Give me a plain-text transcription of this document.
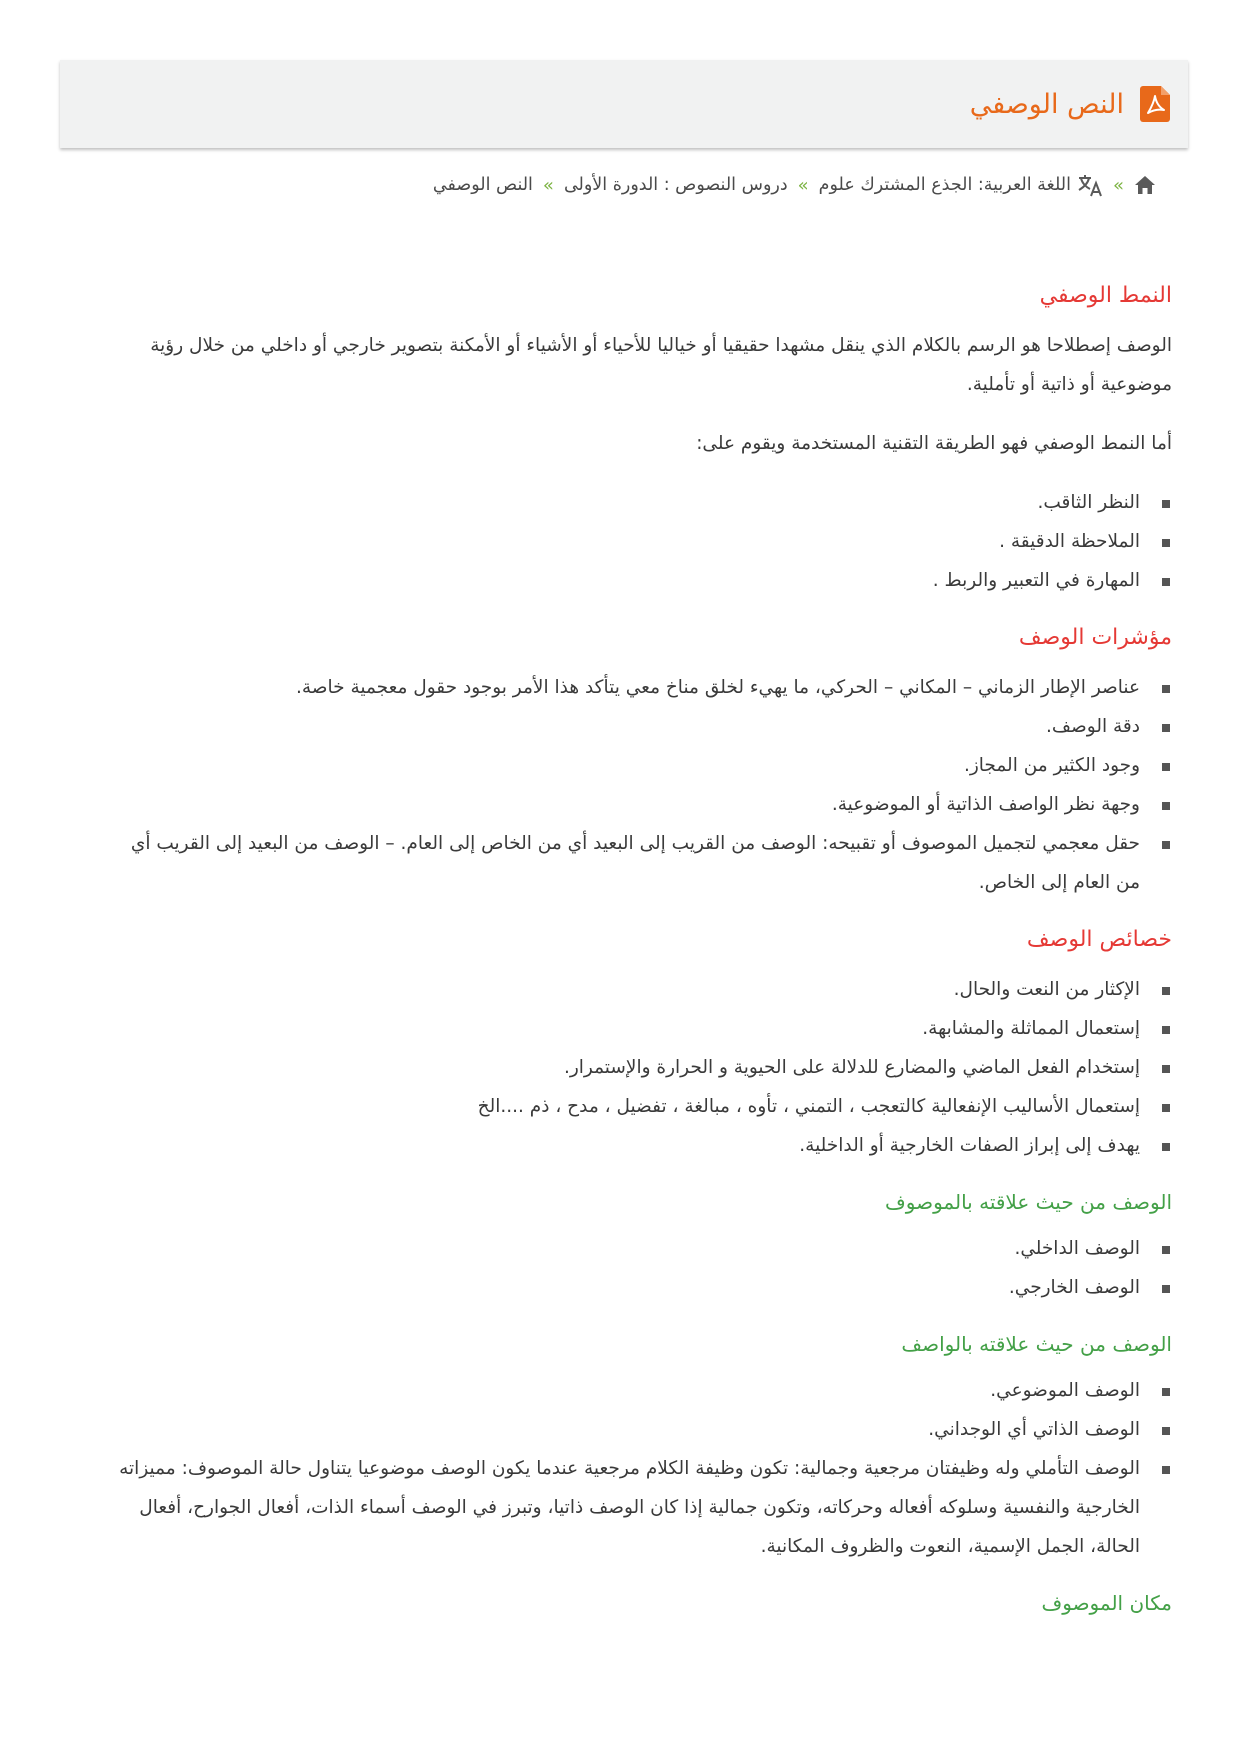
النص الوصفي
»
اللغة العربية: الجذع المشترك علوم
»
دروس النصوص : الدورة الأولى
»
النص الوصفي
النمط الوصفي

الوصف إصطلاحا هو الرسم بالكلام الذي ينقل مشهدا حقيقيا أو خياليا للأحياء أو الأشياء أو الأمكنة بتصوير خارجي أو داخلي من خلال رؤية موضوعية أو ذاتية أو تأملية.

أما النمط الوصفي فهو الطريقة التقنية المستخدمة ويقوم على:

النظر الثاقب.
الملاحظة الدقيقة .
المهارة في التعبير والربط .
مؤشرات الوصف
عناصر الإطار الزماني – المكاني – الحركي، ما يهيء لخلق مناخ معي يتأكد هذا الأمر بوجود حقول معجمية خاصة.
دقة الوصف.
وجود الكثير من المجاز.
وجهة نظر الواصف الذاتية أو الموضوعية.
حقل معجمي لتجميل الموصوف أو تقبيحه: الوصف من القريب إلى البعيد أي من الخاص إلى العام. – الوصف من البعيد إلى القريب أي من العام إلى الخاص.
خصائص الوصف
الإكثار من النعت والحال.
إستعمال المماثلة والمشابهة.
إستخدام الفعل الماضي والمضارع للدلالة على الحيوية و الحرارة والإستمرار.
إستعمال الأساليب الإنفعالية كالتعجب ، التمني ، تأوه ، مبالغة ، تفضيل ، مدح ، ذم ....الخ
يهدف إلى إبراز الصفات الخارجية أو الداخلية.
الوصف من حيث علاقته بالموصوف
الوصف الداخلي.
الوصف الخارجي.
الوصف من حيث علاقته بالواصف
الوصف الموضوعي.
الوصف الذاتي أي الوجداني.
الوصف التأملي وله وظيفتان مرجعية وجمالية: تكون وظيفة الكلام مرجعية عندما يكون الوصف موضوعيا يتناول حالة الموصوف: مميزاته الخارجية والنفسية وسلوكه أفعاله وحركاته، وتكون جمالية إذا كان الوصف ذاتيا، وتبرز في الوصف أسماء الذات، أفعال الجوارح، أفعال الحالة، الجمل الإسمية، النعوت والظروف المكانية.
مكان الموصوف
